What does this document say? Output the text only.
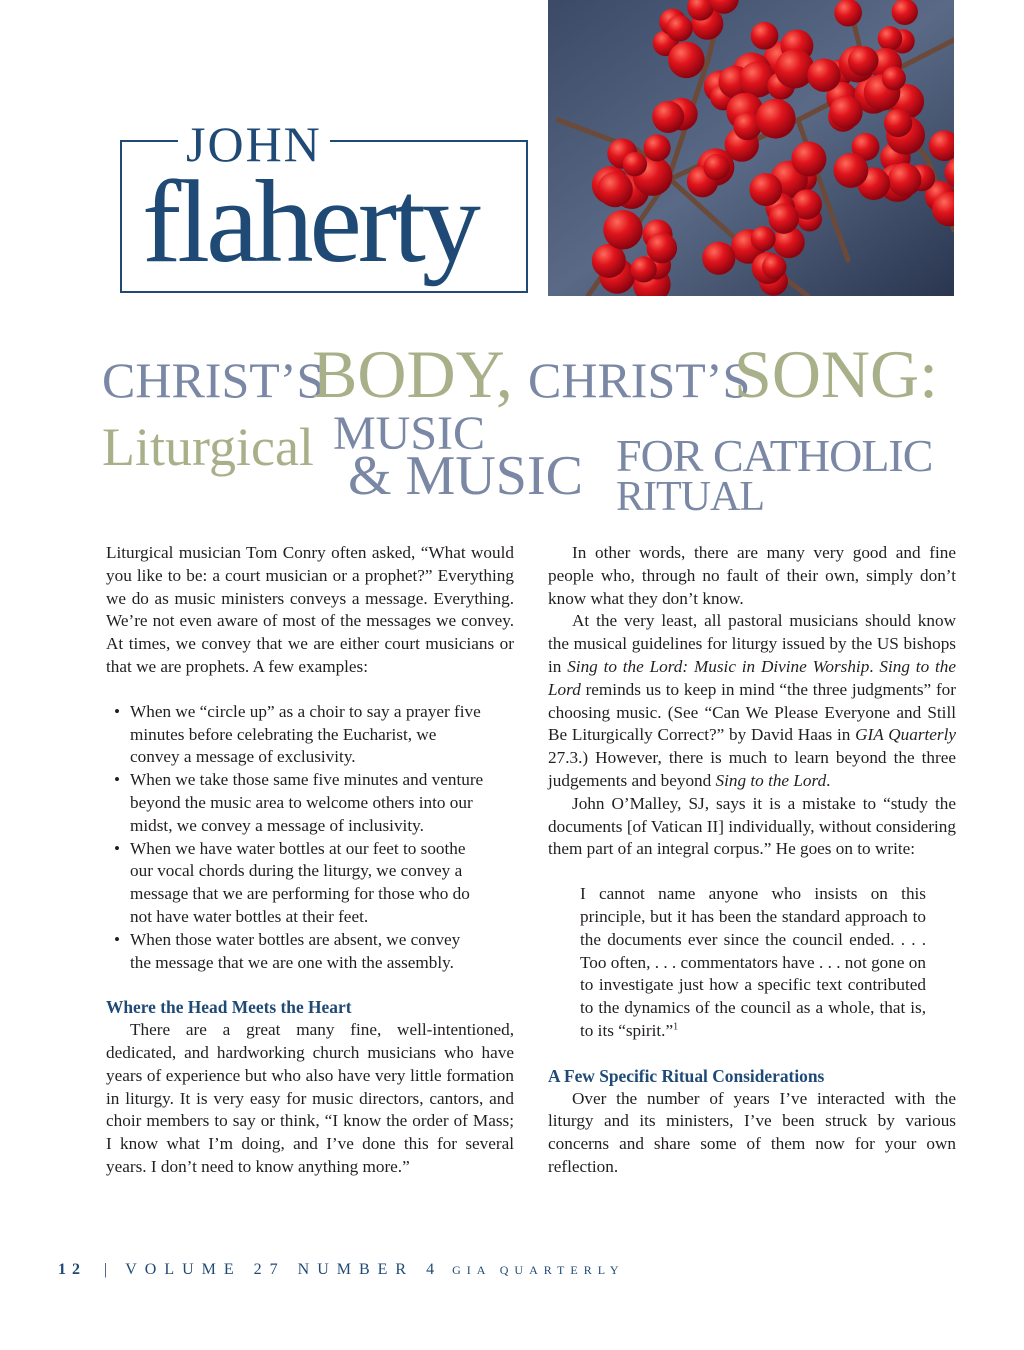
JOHN
flaherty
CHRIST’S
BODY, CHRIST’S
SONG:
Liturgical MUSIC
& MUSIC FOR CATHOLIC
RITUAL

Liturgical musician Tom Conry often asked, “What would you like to be: a court musician or a prophet?” Everything we do as music ministers conveys a message. Everything. We’re not even aware of most of the messages we convey. At times, we convey that we are either court musicians or that we are prophets. A few examples:

• When we “circle up” as a choir to say a prayer five minutes before celebrating the Eucharist, we convey a message of exclusivity.
• When we take those same five minutes and venture beyond the music area to welcome others into our midst, we convey a message of inclusivity.
• When we have water bottles at our feet to soothe our vocal chords during the liturgy, we convey a message that we are performing for those who do not have water bottles at their feet.
• When those water bottles are absent, we convey the message that we are one with the assembly.
Where the Head Meets the Heart

There are a great many fine, well-intentioned, dedicated, and hardworking church musicians who have years of experience but who also have very little formation in liturgy. It is very easy for music directors, cantors, and choir members to say or think, “I know the order of Mass; I know what I’m doing, and I’ve done this for several years. I don’t need to know anything more.”

In other words, there are many very good and fine people who, through no fault of their own, simply don’t know what they don’t know.

At the very least, all pastoral musicians should know the musical guidelines for liturgy issued by the US bishops in Sing to the Lord: Music in Divine Worship. Sing to the Lord reminds us to keep in mind “the three judgments” for choosing music. (See “Can We Please Everyone and Still Be Liturgically Correct?” by David Haas in GIA Quarterly 27.3.) However, there is much to learn beyond the three judgements and beyond Sing to the Lord.

John O’Malley, SJ, says it is a mistake to “study the documents [of Vatican II] individually, without considering them part of an integral corpus.” He goes on to write:

I cannot name anyone who insists on this principle, but it has been the standard approach to the documents ever since the council ended. . . . Too often, . . . commentators have . . . not gone on to investigate just how a specific text contributed to the dynamics of the council as a whole, that is, to its “spirit.”$^1$
A Few Specific Ritual Considerations

Over the number of years I’ve interacted with the liturgy and its ministers, I’ve been struck by various concerns and share some of them now for your own reflection.

12 | VOLUME 27 NUMBER 4 GIA QUARTERLY
